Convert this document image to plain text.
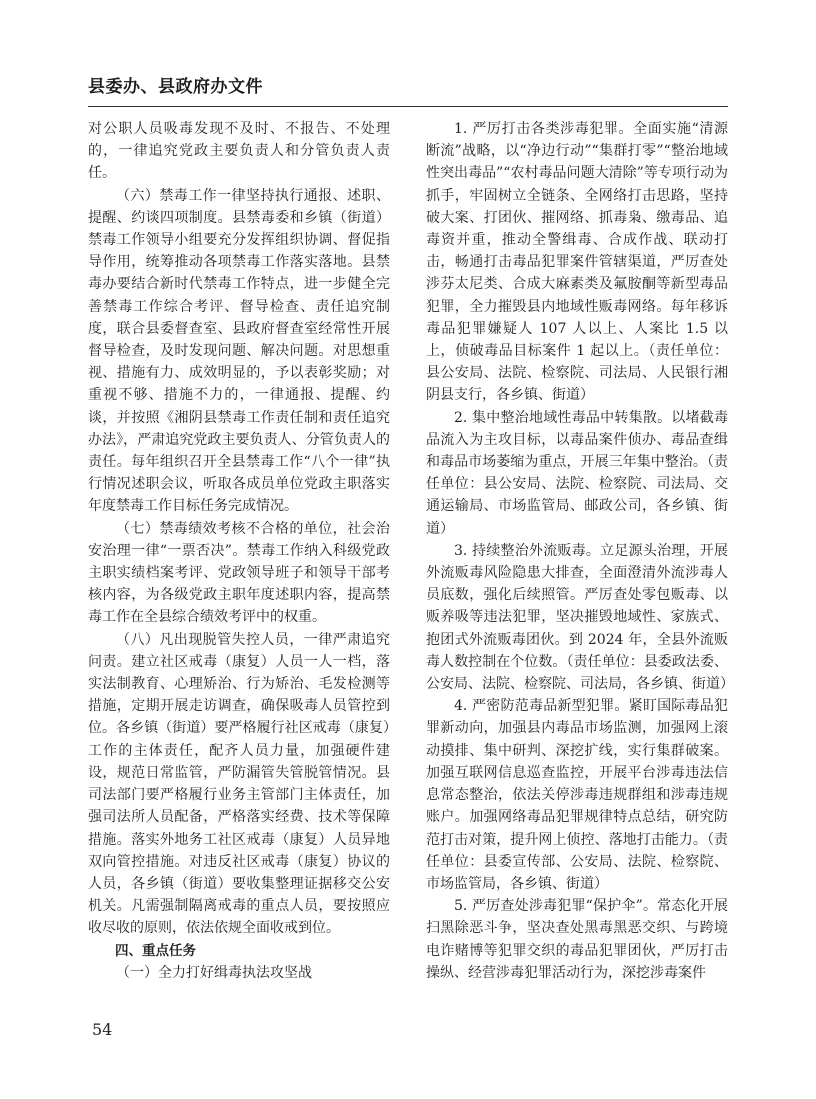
县委办、县政府办文件

对公职人员吸毒发现不及时、不报告、不处理的，一律追究党政主要负责人和分管负责人责任。

（六）禁毒工作一律坚持执行通报、述职、提醒、约谈四项制度。县禁毒委和乡镇（街道）禁毒工作领导小组要充分发挥组织协调、督促指导作用，统筹推动各项禁毒工作落实落地。县禁毒办要结合新时代禁毒工作特点，进一步健全完善禁毒工作综合考评、督导检查、责任追究制度，联合县委督查室、县政府督查室经常性开展督导检查，及时发现问题、解决问题。对思想重视、措施有力、成效明显的，予以表彰奖励；对重视不够、措施不力的，一律通报、提醒、约谈，并按照《湘阴县禁毒工作责任制和责任追究办法》，严肃追究党政主要负责人、分管负责人的责任。每年组织召开全县禁毒工作“八个一律”执行情况述职会议，听取各成员单位党政主职落实年度禁毒工作目标任务完成情况。

（七）禁毒绩效考核不合格的单位，社会治安治理一律“一票否决”。禁毒工作纳入科级党政主职实绩档案考评、党政领导班子和领导干部考核内容，为各级党政主职年度述职内容，提高禁毒工作在全县综合绩效考评中的权重。

（八）凡出现脱管失控人员，一律严肃追究问责。建立社区戒毒（康复）人员一人一档，落实法制教育、心理矫治、行为矫治、毛发检测等措施，定期开展走访调查，确保吸毒人员管控到位。各乡镇（街道）要严格履行社区戒毒（康复）工作的主体责任，配齐人员力量，加强硬件建设，规范日常监管，严防漏管失管脱管情况。县司法部门要严格履行业务主管部门主体责任，加强司法所人员配备，严格落实经费、技术等保障措施。落实外地务工社区戒毒（康复）人员异地双向管控措施。对违反社区戒毒（康复）协议的人员，各乡镇（街道）要收集整理证据移交公安机关。凡需强制隔离戒毒的重点人员，要按照应收尽收的原则，依法依规全面收戒到位。

四、重点任务

（一）全力打好缉毒执法攻坚战

1. 严厉打击各类涉毒犯罪。全面实施“清源断流”战略，以“净边行动”“集群打零”“整治地域性突出毒品”“农村毒品问题大清除”等专项行动为抓手，牢固树立全链条、全网络打击思路，坚持破大案、打团伙、摧网络、抓毒枭、缴毒品、追毒资并重，推动全警缉毒、合成作战、联动打击，畅通打击毒品犯罪案件管辖渠道，严厉查处涉芬太尼类、合成大麻素类及氟胺酮等新型毒品犯罪，全力摧毁县内地域性贩毒网络。每年移诉毒品犯罪嫌疑人 107 人以上、人案比 1.5 以上，侦破毒品目标案件 1 起以上。（责任单位：县公安局、法院、检察院、司法局、人民银行湘阴县支行，各乡镇、街道）

2. 集中整治地域性毒品中转集散。以堵截毒品流入为主攻目标，以毒品案件侦办、毒品查缉和毒品市场萎缩为重点，开展三年集中整治。（责任单位：县公安局、法院、检察院、司法局、交通运输局、市场监管局、邮政公司，各乡镇、街道）

3. 持续整治外流贩毒。立足源头治理，开展外流贩毒风险隐患大排查，全面澄清外流涉毒人员底数，强化后续照管。严厉查处零包贩毒、以贩养吸等违法犯罪，坚决摧毁地域性、家族式、抱团式外流贩毒团伙。到 2024 年，全县外流贩毒人数控制在个位数。（责任单位：县委政法委、公安局、法院、检察院、司法局，各乡镇、街道）

4. 严密防范毒品新型犯罪。紧盯国际毒品犯罪新动向，加强县内毒品市场监测，加强网上滚动摸排、集中研判、深挖扩线，实行集群破案。加强互联网信息巡查监控，开展平台涉毒违法信息常态整治，依法关停涉毒违规群组和涉毒违规账户。加强网络毒品犯罪规律特点总结，研究防范打击对策，提升网上侦控、落地打击能力。（责任单位：县委宣传部、公安局、法院、检察院、市场监管局，各乡镇、街道）

5. 严厉查处涉毒犯罪“保护伞”。常态化开展扫黑除恶斗争，坚决查处黑毒黑恶交织、与跨境电诈赌博等犯罪交织的毒品犯罪团伙，严厉打击操纵、经营涉毒犯罪活动行为，深挖涉毒案件

54
